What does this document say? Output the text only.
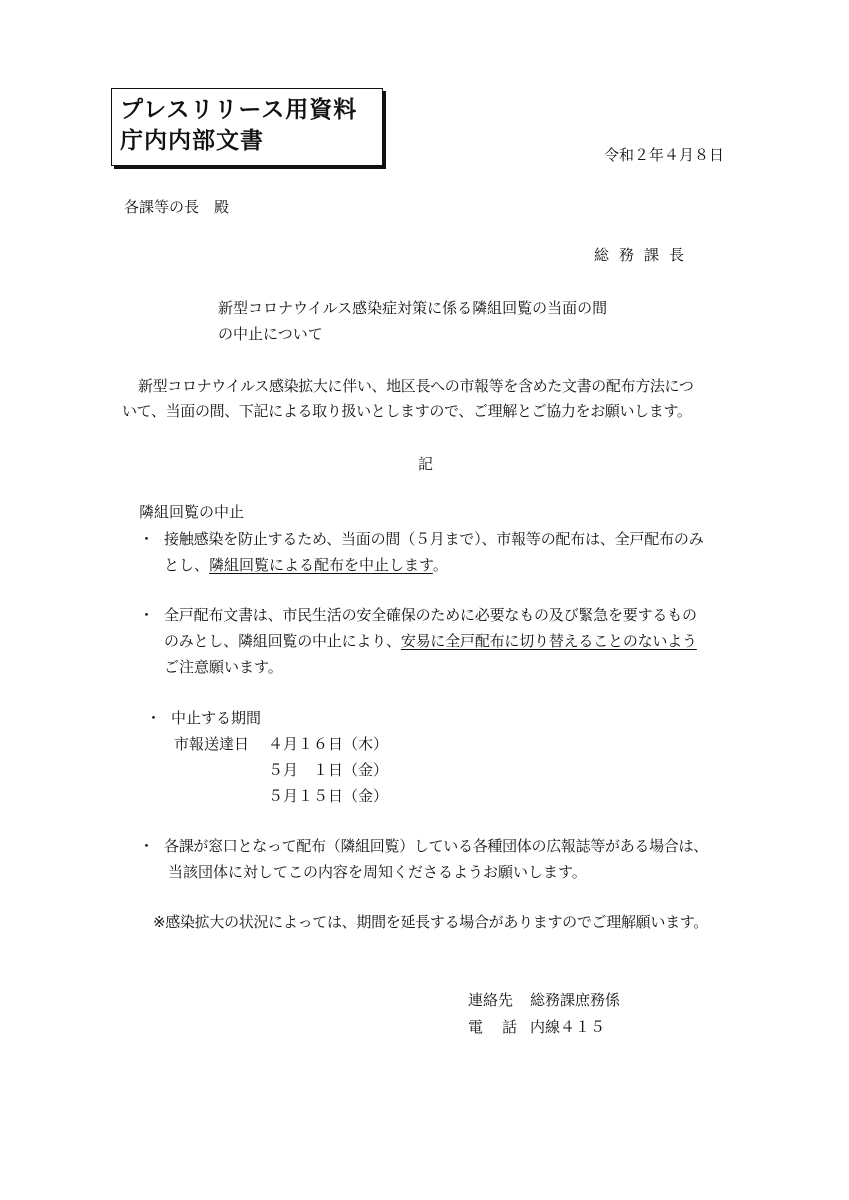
プレスリリース用資料
庁内内部文書
令和２年４月８日
各課等の長　殿
総務課長
新型コロナウイルス感染症対策に係る隣組回覧の当面の間
の中止について
新型コロナウイルス感染拡大に伴い、地区長への市報等を含めた文書の配布方法につ
いて、当面の間、下記による取り扱いとしますので、ご理解とご協力をお願いします。
記
隣組回覧の中止
・ 接触感染を防止するため、当面の間（５月まで）、市報等の配布は、全戸配布のみ
とし、隣組回覧による配布を中止します。
・ 全戸配布文書は、市民生活の安全確保のために必要なもの及び緊急を要するもの
のみとし、隣組回覧の中止により、安易に全戸配布に切り替えることのないよう
ご注意願います。
・ 中止する期間
市報送達日 ４月１６日（木）
５月　１日（金）
５月１５日（金）
・ 各課が窓口となって配布（隣組回覧）している各種団体の広報誌等がある場合は、
当該団体に対してこの内容を周知くださるようお願いします。
※感染拡大の状況によっては、期間を延長する場合がありますのでご理解願います。
連絡先 総務課庶務係
電　話 内線４１５
